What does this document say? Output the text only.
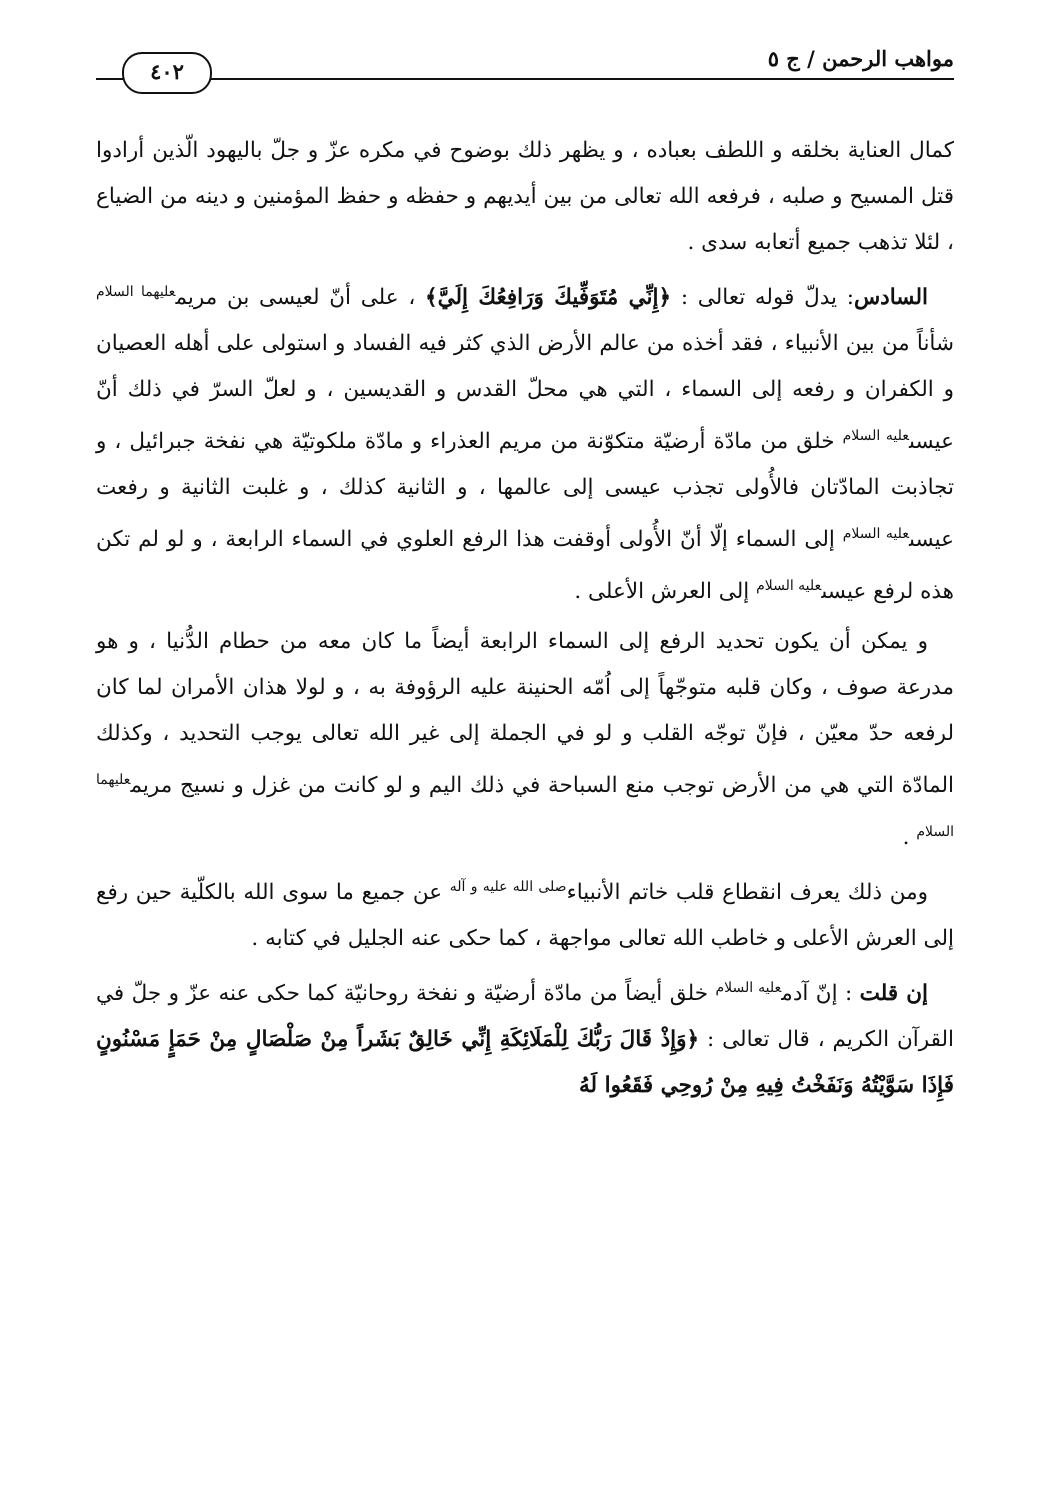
مواهب الرحمن / ج ٥
٤٠٢

كمال العناية بخلقه و اللطف بعباده ، و يظهر ذلك بوضوح في مكره عزّ و جلّ باليهود الّذين أرادوا قتل المسيح و صلبه ، فرفعه الله تعالى من بين أيديهم و حفظه و حفظ المؤمنين و دينه من الضياع ، لئلا تذهب جميع أتعابه سدى .

السادس: يدلّ قوله تعالى : ﴿إِنِّي مُتَوَفِّيكَ وَرَافِعُكَ إِلَيَّ﴾ ، على أنّ لعيسى بن مريم$^{عليهما السلام}$ شأناً من بين الأنبياء ، فقد أخذه من عالم الأرض الذي كثر فيه الفساد و استولى على أهله العصيان و الكفران و رفعه إلى السماء ، التي هي محلّ القدس و القديسين ، و لعلّ السرّ في ذلك أنّ عيسى$^{عليه السلام}$ خلق من مادّة أرضيّة متكوّنة من مريم العذراء و مادّة ملكوتيّة هي نفخة جبرائيل ، و تجاذبت المادّتان فالأُولى تجذب عيسى إلى عالمها ، و الثانية كذلك ، و غلبت الثانية و رفعت عيسى$^{عليه السلام}$ إلى السماء إلّا أنّ الأُولى أوقفت هذا الرفع العلوي في السماء الرابعة ، و لو لم تكن هذه لرفع عيسى$^{عليه السلام}$ إلى العرش الأعلى .

و يمكن أن يكون تحديد الرفع إلى السماء الرابعة أيضاً ما كان معه من حطام الدُّنيا ، و هو مدرعة صوف ، وكان قلبه متوجّهاً إلى اُمّه الحنينة عليه الرؤوفة به ، و لولا هذان الأمران لما كان لرفعه حدّ معيّن ، فإنّ توجّه القلب و لو في الجملة إلى غير الله تعالى يوجب التحديد ، وكذلك المادّة التي هي من الأرض توجب منع السباحة في ذلك اليم و لو كانت من غزل و نسيج مريم$^{عليهما السلام}$ .

ومن ذلك يعرف انقطاع قلب خاتم الأنبياء$^{صلى الله عليه و آله}$ عن جميع ما سوى الله بالكلّية حين رفع إلى العرش الأعلى و خاطب الله تعالى مواجهة ، كما حكى عنه الجليل في كتابه .

إن قلت : إنّ آدم$^{عليه السلام}$ خلق أيضاً من مادّة أرضيّة و نفخة روحانيّة كما حكى عنه عزّ و جلّ في القرآن الكريم ، قال تعالى : ﴿وَإِذْ قَالَ رَبُّكَ لِلْمَلَائِكَةِ إِنِّي خَالِقٌ بَشَراً مِنْ صَلْصَالٍ مِنْ حَمَإٍ مَسْنُونٍ فَإِذَا سَوَّيْتُهُ وَنَفَخْتُ فِيهِ مِنْ رُوحِي فَقَعُوا لَهُ
